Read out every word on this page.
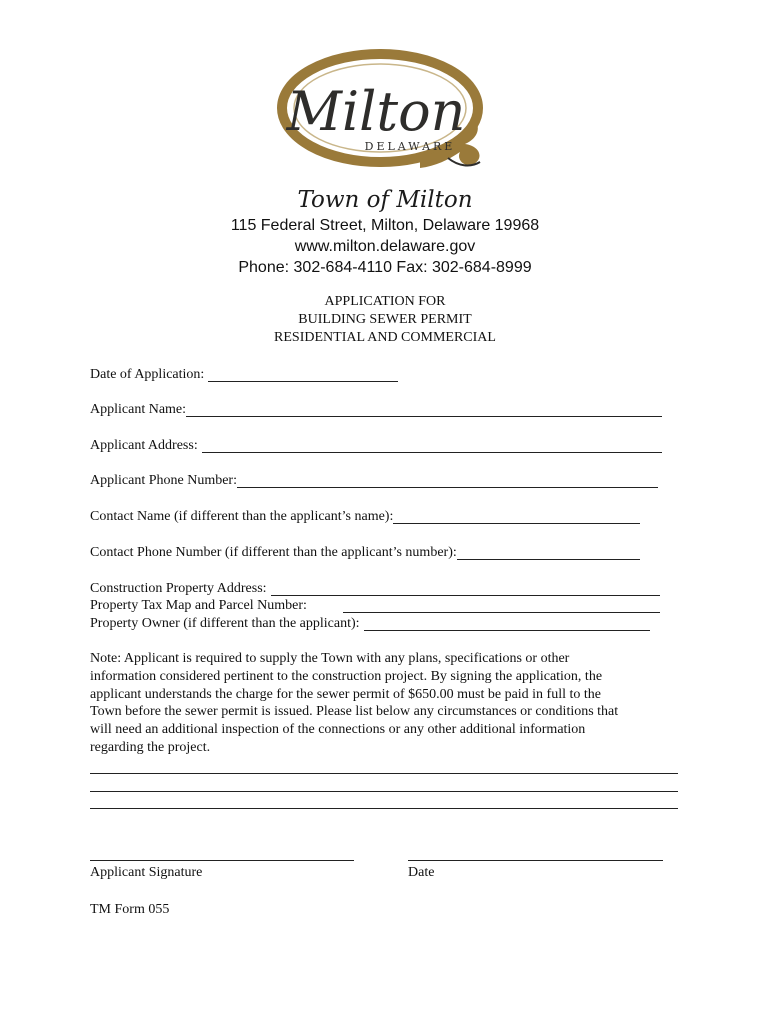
Milton
DELAWARE
Town of Milton
115 Federal Street, Milton, Delaware 19968
www.milton.delaware.gov
Phone: 302-684-4110 Fax: 302-684-8999
APPLICATION FOR
BUILDING SEWER PERMIT
RESIDENTIAL AND COMMERCIAL
Date of Application:
Applicant Name:
Applicant Address:
Applicant Phone Number:
Contact Name (if different than the applicant’s name):
Contact Phone Number (if different than the applicant’s number):
Construction Property Address:
Property Tax Map and Parcel Number:
Property Owner (if different than the applicant):
Note: Applicant is required to supply the Town with any plans, specifications or other
information considered pertinent to the construction project. By signing the application, the
applicant understands the charge for the sewer permit of $650.00 must be paid in full to the
Town before the sewer permit is issued. Please list below any circumstances or conditions that
will need an additional inspection of the connections or any other additional information
regarding the project.
Applicant Signature	Date
TM Form 055
